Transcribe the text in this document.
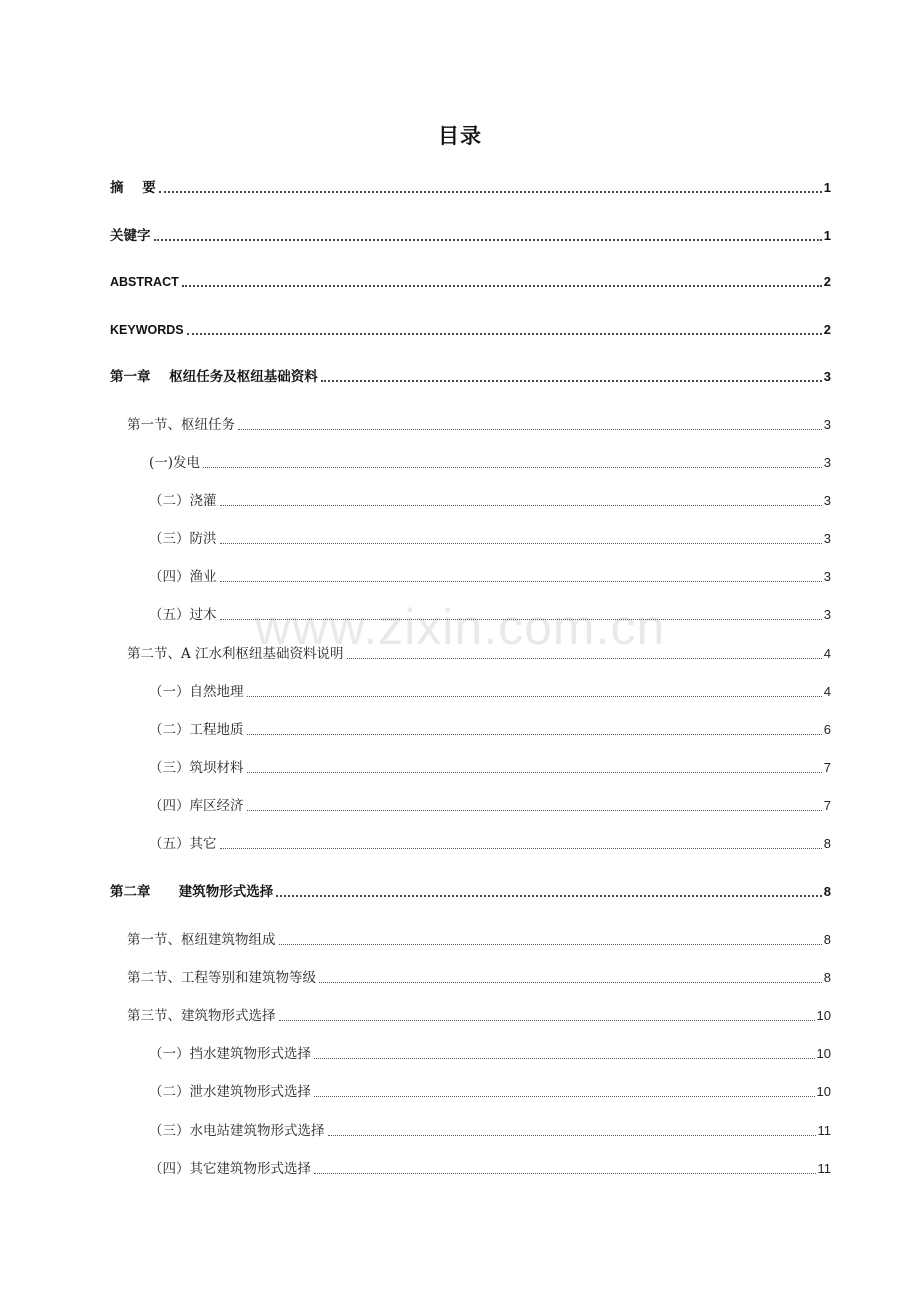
目录
www.zixin.com.cn
摘    要	1
关键字	1
ABSTRACT	2
KEYWORDS	2
第一章    枢纽任务及枢纽基础资料	3
第一节、枢纽任务	3
(一)发电	3
（二）浇灌	3
（三）防洪	3
（四）渔业	3
（五）过木	3
第二节、A 江水利枢纽基础资料说明	4
（一）自然地理	4
（二）工程地质	6
（三）筑坝材料	7
（四）库区经济	7
（五）其它	8
第二章      建筑物形式选择	8
第一节、枢纽建筑物组成	8
第二节、工程等别和建筑物等级	8
第三节、建筑物形式选择	10
（一）挡水建筑物形式选择	10
（二）泄水建筑物形式选择	10
（三）水电站建筑物形式选择	11
（四）其它建筑物形式选择	11
